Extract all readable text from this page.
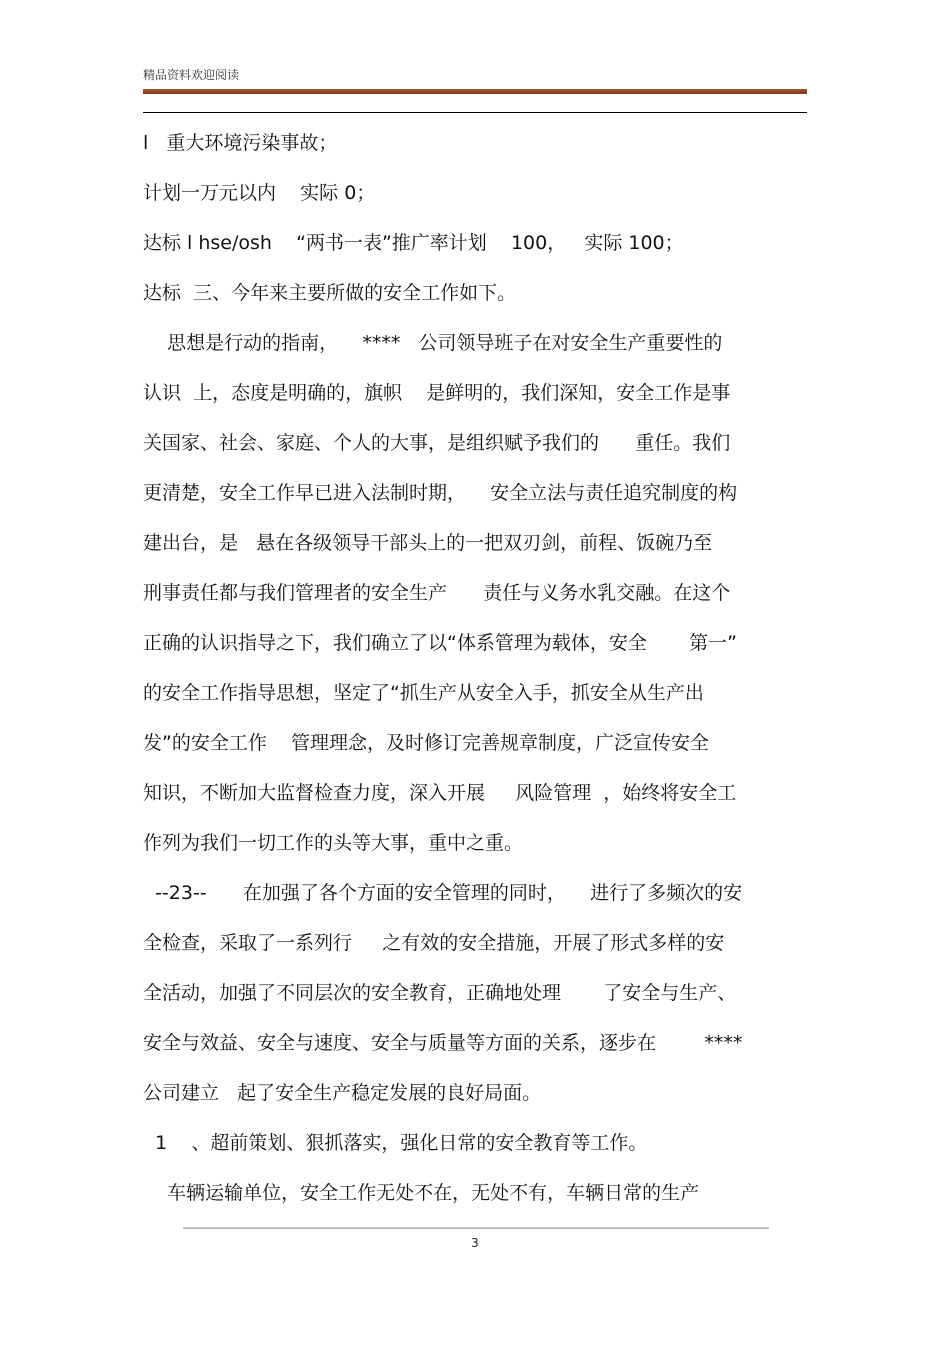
精品资料欢迎阅读
l   重大环境污染事故；
计划一万元以内    实际 0；
达标 l hse/osh    “两书一表”推广率计划    100，   实际 100；
达标  三、今年来主要所做的安全工作如下。
思想是行动的指南，    ****   公司领导班子在对安全生产重要性的
认识  上，态度是明确的，旗帜    是鲜明的，我们深知，安全工作是事
关国家、社会、家庭、个人的大事，是组织赋予我们的      重任。我们
更清楚，安全工作早已进入法制时期，    安全立法与责任追究制度的构
建出台，是   悬在各级领导干部头上的一把双刃剑，前程、饭碗乃至
刑事责任都与我们管理者的安全生产      责任与义务水乳交融。在这个
正确的认识指导之下，我们确立了以“体系管理为载体，安全       第一”
的安全工作指导思想，坚定了“抓生产从安全入手，抓安全从生产出
发”的安全工作    管理理念，及时修订完善规章制度，广泛宣传安全
知识，不断加大监督检查力度，深入开展     风险管理  ，始终将安全工
作列为我们一切工作的头等大事，重中之重。
--23--      在加强了各个方面的安全管理的同时，    进行了多频次的安
全检查，采取了一系列行     之有效的安全措施，开展了形式多样的安
全活动，加强了不同层次的安全教育，正确地处理       了安全与生产、
安全与效益、安全与速度、安全与质量等方面的关系，逐步在        ****
公司建立   起了安全生产稳定发展的良好局面。
1    、超前策划、狠抓落实，强化日常的安全教育等工作。
车辆运输单位，安全工作无处不在，无处不有，车辆日常的生产
3
